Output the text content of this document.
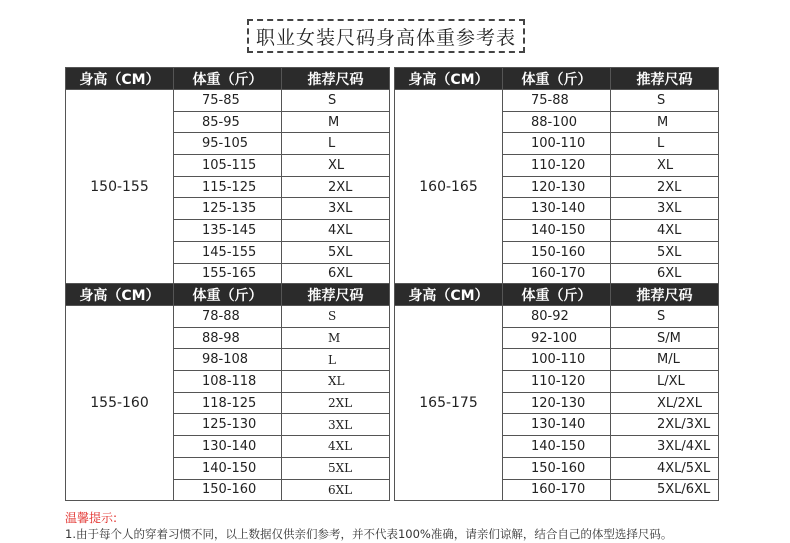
职业女装尺码身高体重参考表
身高（CM）	体重（斤）	推荐尺码
150-155	75-85	S
	85-95	M
	95-105	L
	105-115	XL
	115-125	2XL
	125-135	3XL
	135-145	4XL
	145-155	5XL
	155-165	6XL
身高（CM）	体重（斤）	推荐尺码
160-165	75-88	S
	88-100	M
	100-110	L
	110-120	XL
	120-130	2XL
	130-140	3XL
	140-150	4XL
	150-160	5XL
	160-170	6XL
身高（CM）	体重（斤）	推荐尺码
155-160	78-88	S
	88-98	M
	98-108	L
	108-118	XL
	118-125	2XL
	125-130	3XL
	130-140	4XL
	140-150	5XL
	150-160	6XL
身高（CM）	体重（斤）	推荐尺码
165-175	80-92	S
	92-100	S/M
	100-110	M/L
	110-120	L/XL
	120-130	XL/2XL
	130-140	2XL/3XL
	140-150	3XL/4XL
	150-160	4XL/5XL
	160-170	5XL/6XL
温馨提示:
1.由于每个人的穿着习惯不同，以上数据仅供亲们参考，并不代表100%准确，请亲们谅解，结合自己的体型选择尺码。
